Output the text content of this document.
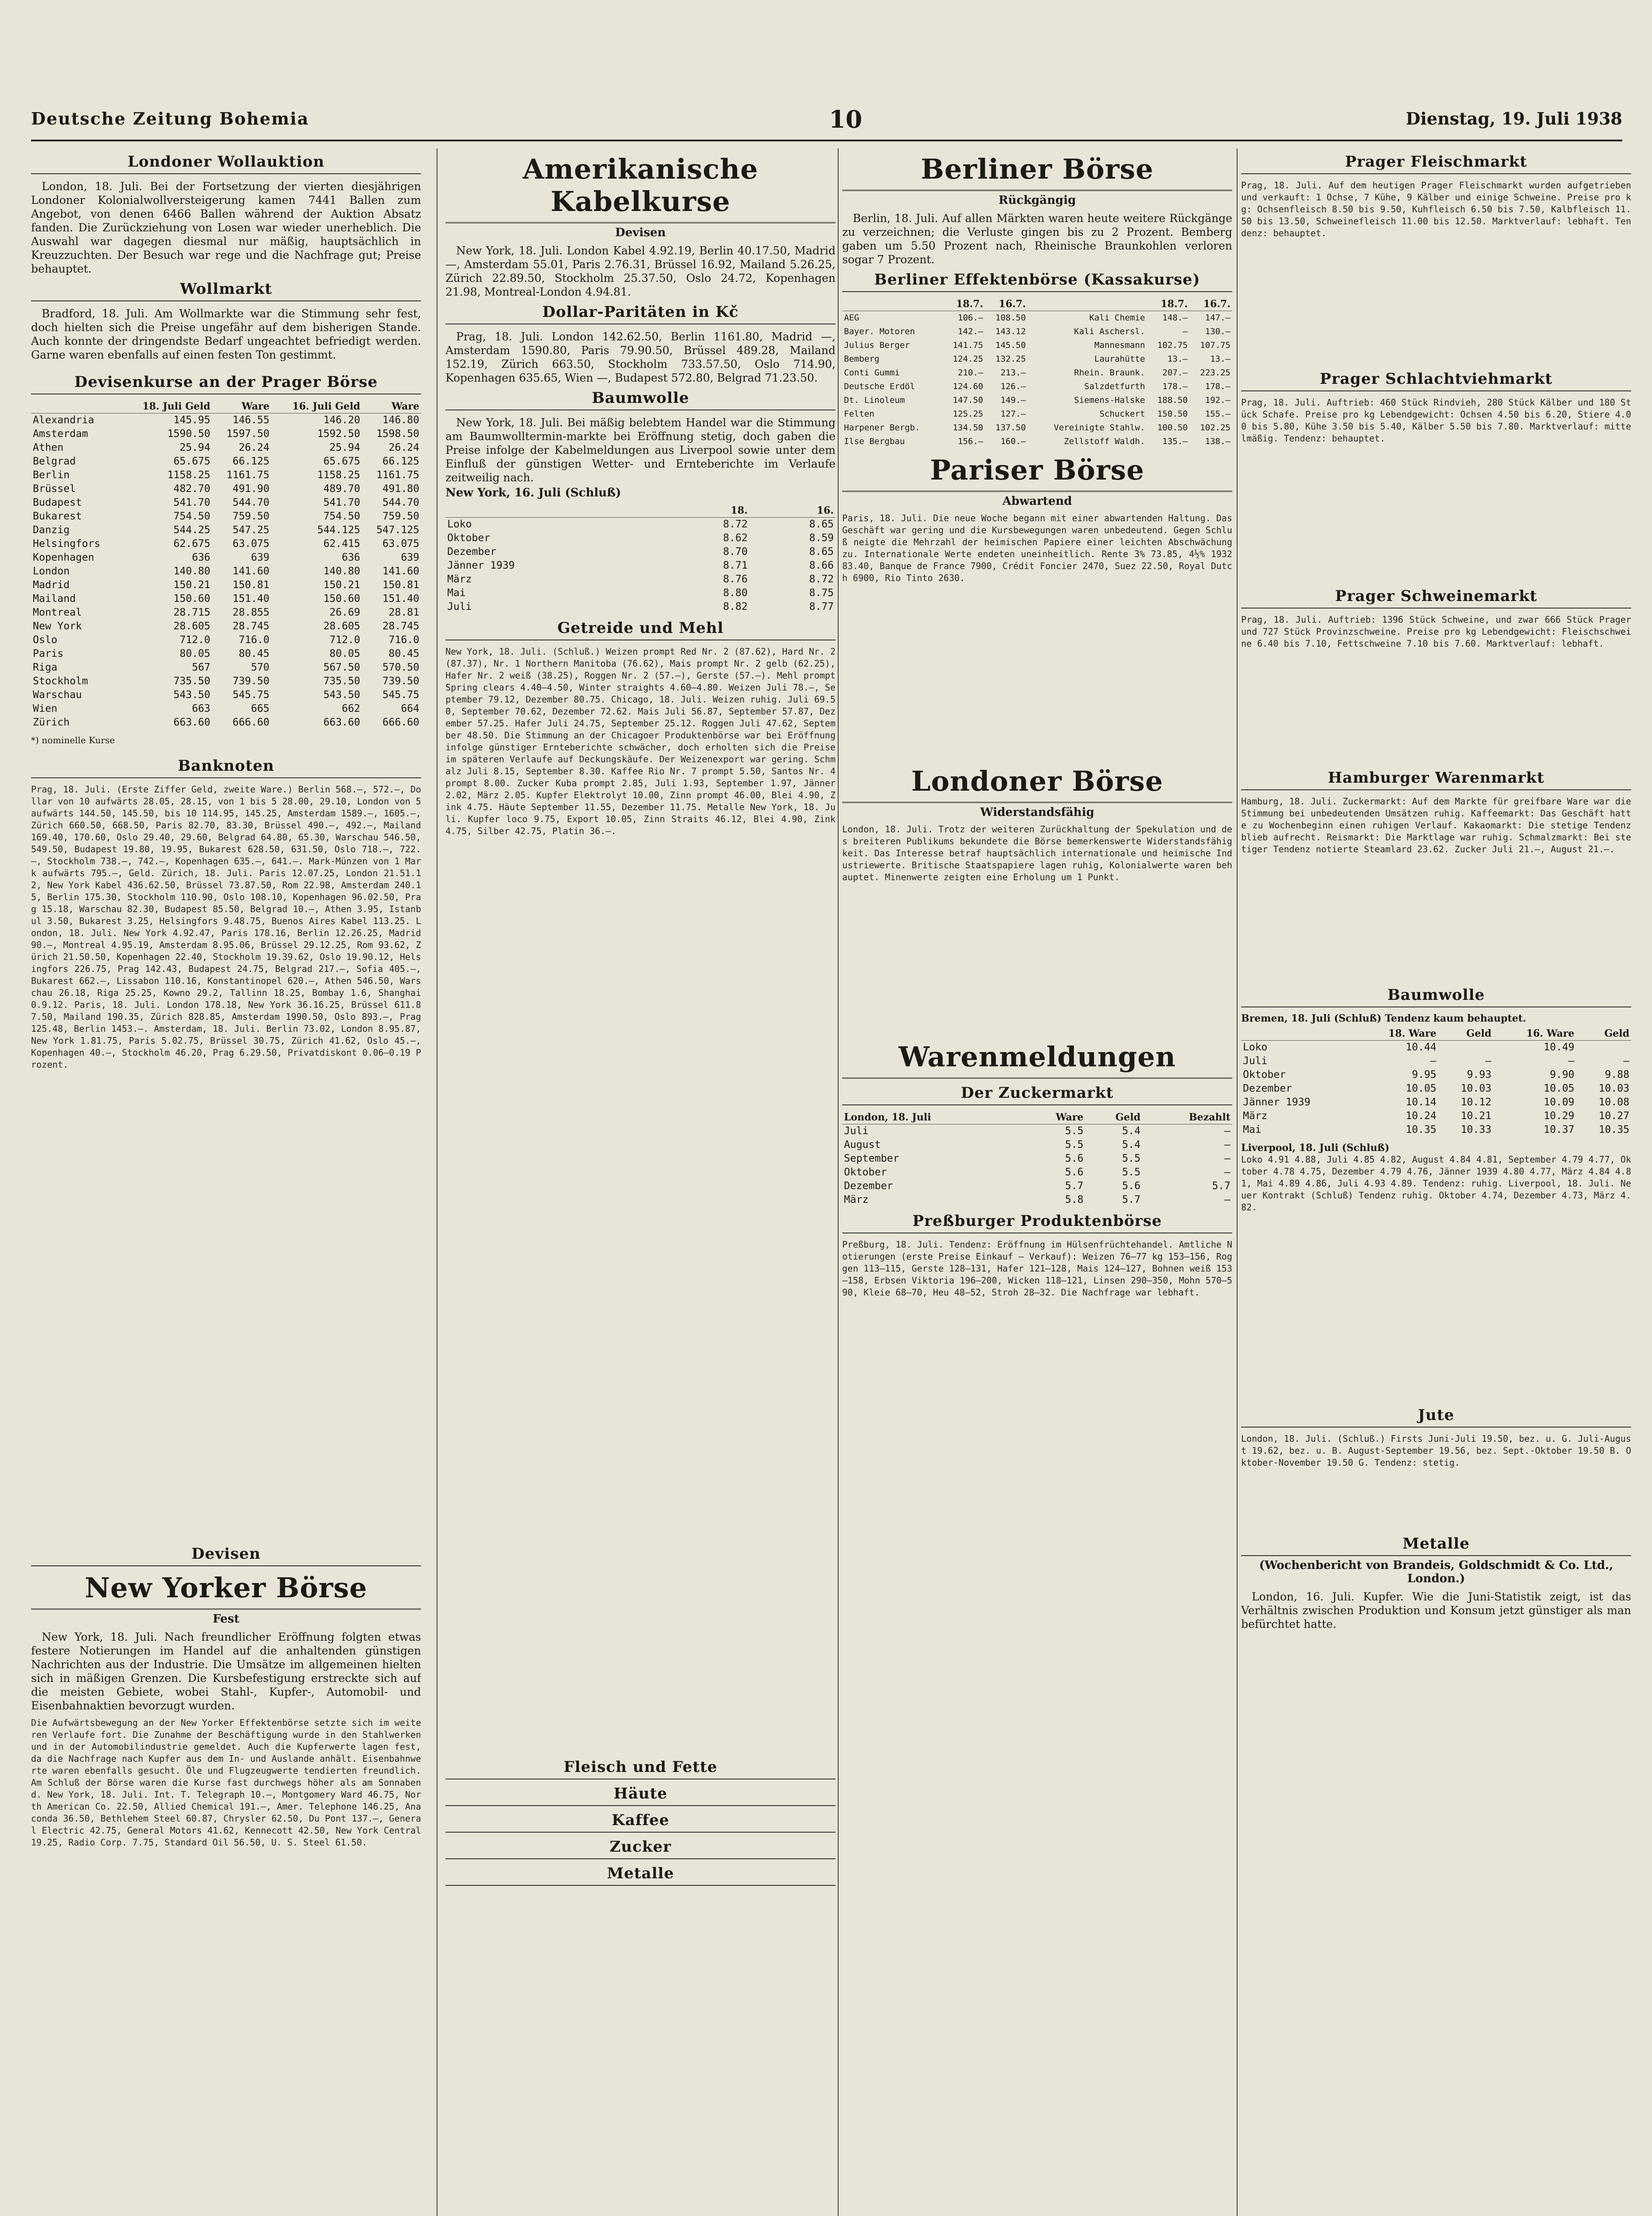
Deutsche Zeitung Bohemia	10	Dienstag, 19. Juli 1938
Londoner Wollauktion

London, 18. Juli. Bei der Fortsetzung der vierten diesjährigen Londoner Kolonialwollversteigerung kamen 7441 Ballen zum Angebot, von denen 6466 Ballen während der Auktion Absatz fanden. Die Zurückziehung von Losen war wieder unerheblich. Die Auswahl war dagegen diesmal nur mäßig, hauptsächlich in Kreuzzuchten. Der Besuch war rege und die Nachfrage gut; Preise behauptet.

Wollmarkt

Bradford, 18. Juli. Am Wollmarkte war die Stimmung sehr fest, doch hielten sich die Preise ungefähr auf dem bisherigen Stande. Auch konnte der dringendste Bedarf ungeachtet befriedigt werden. Garne waren ebenfalls auf einen festen Ton gestimmt.

Devisenkurse an der Prager Börse
	18. Juli Geld	Ware	16. Juli Geld	Ware
Alexandria	145.95	146.55	146.20	146.80
Amsterdam	1590.50	1597.50	1592.50	1598.50
Athen	25.94	26.24	25.94	26.24
Belgrad	65.675	66.125	65.675	66.125
Berlin	1158.25	1161.75	1158.25	1161.75
Brüssel	482.70	491.90	489.70	491.80
Budapest	541.70	544.70	541.70	544.70
Bukarest	754.50	759.50	754.50	759.50
Danzig	544.25	547.25	544.125	547.125
Helsingfors	62.675	63.075	62.415	63.075
Kopenhagen	636	639	636	639
London	140.80	141.60	140.80	141.60
Madrid	150.21	150.81	150.21	150.81
Mailand	150.60	151.40	150.60	151.40
Montreal	28.715	28.855	26.69	28.81
New York	28.605	28.745	28.605	28.745
Oslo	712.0	716.0	712.0	716.0
Paris	80.05	80.45	80.05	80.45
Riga	567	570	567.50	570.50
Stockholm	735.50	739.50	735.50	739.50
Warschau	543.50	545.75	543.50	545.75
Wien	663	665	662	664
Zürich	663.60	666.60	663.60	666.60
*) nominelle Kurse
Banknoten
Prag, 18. Juli. (Erste Ziffer Geld, zweite Ware.) Berlin 568.—, 572.—, Dollar von 10 aufwärts 28.05, 28.15, von 1 bis 5 28.00, 29.10, London von 5 aufwärts 144.50, 145.50, bis 10 114.95, 145.25, Amsterdam 1589.—, 1605.—, Zürich 660.50, 668.50, Paris 82.70, 83.30, Brüssel 490.—, 492.—, Mailand 169.40, 170.60, Oslo 29.40, 29.60, Belgrad 64.80, 65.30, Warschau 546.50, 549.50, Budapest 19.80, 19.95, Bukarest 628.50, 631.50, Oslo 718.—, 722.—, Stockholm 738.—, 742.—, Kopenhagen 635.—, 641.—. Mark-Münzen von 1 Mark aufwärts 795.—, Geld. Zürich, 18. Juli. Paris 12.07.25, London 21.51.12, New York Kabel 436.62.50, Brüssel 73.87.50, Rom 22.98, Amsterdam 240.15, Berlin 175.30, Stockholm 110.90, Oslo 108.10, Kopenhagen 96.02.50, Prag 15.18, Warschau 82.30, Budapest 85.50, Belgrad 10.—, Athen 3.95, Istanbul 3.50, Bukarest 3.25, Helsingfors 9.48.75, Buenos Aires Kabel 113.25. London, 18. Juli. New York 4.92.47, Paris 178.16, Berlin 12.26.25, Madrid 90.—, Montreal 4.95.19, Amsterdam 8.95.06, Brüssel 29.12.25, Rom 93.62, Zürich 21.50.50, Kopenhagen 22.40, Stockholm 19.39.62, Oslo 19.90.12, Helsingfors 226.75, Prag 142.43, Budapest 24.75, Belgrad 217.—, Sofia 405.—, Bukarest 662.—, Lissabon 110.16, Konstantinopel 620.—, Athen 546.50, Warschau 26.18, Riga 25.25, Kowno 29.2, Tallinn 18.25, Bombay 1.6, Shanghai 0.9.12. Paris, 18. Juli. London 178.18, New York 36.16.25, Brüssel 611.87.50, Mailand 190.35, Zürich 828.85, Amsterdam 1990.50, Oslo 893.—, Prag 125.48, Berlin 1453.—. Amsterdam, 18. Juli. Berlin 73.02, London 8.95.87, New York 1.81.75, Paris 5.02.75, Brüssel 30.75, Zürich 41.62, Oslo 45.—, Kopenhagen 40.—, Stockholm 46.20, Prag 6.29.50, Privatdiskont 0.06—0.19 Prozent.
Devisen
New Yorker Börse
Fest

New York, 18. Juli. Nach freundlicher Eröffnung folgten etwas festere Notierungen im Handel auf die anhaltenden günstigen Nachrichten aus der Industrie. Die Umsätze im allgemeinen hielten sich in mäßigen Grenzen. Die Kursbefestigung erstreckte sich auf die meisten Gebiete, wobei Stahl-, Kupfer-, Automobil- und Eisenbahnaktien bevorzugt wurden.

Die Aufwärtsbewegung an der New Yorker Effektenbörse setzte sich im weiteren Verlaufe fort. Die Zunahme der Beschäftigung wurde in den Stahlwerken und in der Automobilindustrie gemeldet. Auch die Kupferwerte lagen fest, da die Nachfrage nach Kupfer aus dem In- und Auslande anhält. Eisenbahnwerte waren ebenfalls gesucht. Öle und Flugzeugwerte tendierten freundlich. Am Schluß der Börse waren die Kurse fast durchwegs höher als am Sonnabend. New York, 18. Juli. Int. T. Telegraph 10.—, Montgomery Ward 46.75, North American Co. 22.50, Allied Chemical 191.—, Amer. Telephone 146.25, Anaconda 36.50, Bethlehem Steel 60.87, Chrysler 62.50, Du Pont 137.—, General Electric 42.75, General Motors 41.62, Kennecott 42.50, New York Central 19.25, Radio Corp. 7.75, Standard Oil 56.50, U. S. Steel 61.50.
Amerikanische Kabelkurse
Devisen

New York, 18. Juli. London Kabel 4.92.19, Berlin 40.17.50, Madrid —, Amsterdam 55.01, Paris 2.76.31, Brüssel 16.92, Mailand 5.26.25, Zürich 22.89.50, Stockholm 25.37.50, Oslo 24.72, Kopenhagen 21.98, Montreal-London 4.94.81.

Dollar-Paritäten in Kč

Prag, 18. Juli. London 142.62.50, Berlin 1161.80, Madrid —, Amsterdam 1590.80, Paris 79.90.50, Brüssel 489.28, Mailand 152.19, Zürich 663.50, Stockholm 733.57.50, Oslo 714.90, Kopenhagen 635.65, Wien —, Budapest 572.80, Belgrad 71.23.50.

Baumwolle

New York, 18. Juli. Bei mäßig belebtem Handel war die Stimmung am Baumwolltermin-markte bei Eröffnung stetig, doch gaben die Preise infolge der Kabelmeldungen aus Liverpool sowie unter dem Einfluß der günstigen Wetter- und Ernteberichte im Verlaufe zeitweilig nach.

New York, 16. Juli (Schluß)
	18.	16.
Loko	8.72	8.65
Oktober	8.62	8.59
Dezember	8.70	8.65
Jänner 1939	8.71	8.66
März	8.76	8.72
Mai	8.80	8.75
Juli	8.82	8.77
Getreide und Mehl
New York, 18. Juli. (Schluß.) Weizen prompt Red Nr. 2 (87.62), Hard Nr. 2 (87.37), Nr. 1 Northern Manitoba (76.62), Mais prompt Nr. 2 gelb (62.25), Hafer Nr. 2 weiß (38.25), Roggen Nr. 2 (57.—), Gerste (57.—). Mehl prompt Spring clears 4.40—4.50, Winter straights 4.60—4.80. Weizen Juli 78.—, September 79.12, Dezember 80.75. Chicago, 18. Juli. Weizen ruhig. Juli 69.50, September 70.62, Dezember 72.62. Mais Juli 56.87, September 57.87, Dezember 57.25. Hafer Juli 24.75, September 25.12. Roggen Juli 47.62, September 48.50. Die Stimmung an der Chicagoer Produktenbörse war bei Eröffnung infolge günstiger Ernteberichte schwächer, doch erholten sich die Preise im späteren Verlaufe auf Deckungskäufe. Der Weizenexport war gering. Schmalz Juli 8.15, September 8.30. Kaffee Rio Nr. 7 prompt 5.50, Santos Nr. 4 prompt 8.00. Zucker Kuba prompt 2.85, Juli 1.93, September 1.97, Jänner 2.02, März 2.05. Kupfer Elektrolyt 10.00, Zinn prompt 46.00, Blei 4.90, Zink 4.75. Häute September 11.55, Dezember 11.75. Metalle New York, 18. Juli. Kupfer loco 9.75, Export 10.05, Zinn Straits 46.12, Blei 4.90, Zink 4.75, Silber 42.75, Platin 36.—.
Fleisch und Fette
Häute
Kaffee
Zucker
Metalle
Berliner Börse
Rückgängig

Berlin, 18. Juli. Auf allen Märkten waren heute weitere Rückgänge zu verzeichnen; die Verluste gingen bis zu 2 Prozent. Bemberg gaben um 5.50 Prozent nach, Rheinische Braunkohlen verloren sogar 7 Prozent.

Berliner Effektenbörse (Kassakurse)
	18.7.	16.7.		18.7.	16.7.
AEG	106.—	108.50	Kali Chemie	148.—	147.—
Bayer. Motoren	142.—	143.12	Kali Aschersl.	—	130.—
Julius Berger	141.75	145.50	Mannesmann	102.75	107.75
Bemberg	124.25	132.25	Laurahütte	13.—	13.—
Conti Gummi	210.—	213.—	Rhein. Braunk.	207.—	223.25
Deutsche Erdöl	124.60	126.—	Salzdetfurth	178.—	178.—
Dt. Linoleum	147.50	149.—	Siemens-Halske	188.50	192.—
Felten	125.25	127.—	Schuckert	150.50	155.—
Harpener Bergb.	134.50	137.50	Vereinigte Stahlw.	100.50	102.25
Ilse Bergbau	156.—	160.—	Zellstoff Waldh.	135.—	138.—
Pariser Börse
Abwartend
Paris, 18. Juli. Die neue Woche begann mit einer abwartenden Haltung. Das Geschäft war gering und die Kursbewegungen waren unbedeutend. Gegen Schluß neigte die Mehrzahl der heimischen Papiere einer leichten Abschwächung zu. Internationale Werte endeten uneinheitlich. Rente 3% 73.85, 4½% 1932 83.40, Banque de France 7900, Crédit Foncier 2470, Suez 22.50, Royal Dutch 6900, Rio Tinto 2630.
Londoner Börse
Widerstandsfähig
London, 18. Juli. Trotz der weiteren Zurückhaltung der Spekulation und des breiteren Publikums bekundete die Börse bemerkenswerte Widerstandsfähigkeit. Das Interesse betraf hauptsächlich internationale und heimische Industriewerte. Britische Staatspapiere lagen ruhig, Kolonialwerte waren behauptet. Minenwerte zeigten eine Erholung um 1 Punkt.
Warenmeldungen
Der Zuckermarkt
London, 18. Juli	Ware	Geld	Bezahlt
Juli	5.5	5.4	—
August	5.5	5.4	—
September	5.6	5.5	—
Oktober	5.6	5.5	—
Dezember	5.7	5.6	5.7
März	5.8	5.7	—
Preßburger Produktenbörse
Preßburg, 18. Juli. Tendenz: Eröffnung im Hülsenfrüchtehandel. Amtliche Notierungen (erste Preise Einkauf — Verkauf): Weizen 76—77 kg 153—156, Roggen 113—115, Gerste 128—131, Hafer 121—128, Mais 124—127, Bohnen weiß 153—158, Erbsen Viktoria 196—200, Wicken 118—121, Linsen 290—350, Mohn 570—590, Kleie 68—70, Heu 48—52, Stroh 28—32. Die Nachfrage war lebhaft.
Prager Fleischmarkt
Prag, 18. Juli. Auf dem heutigen Prager Fleischmarkt wurden aufgetrieben und verkauft: 1 Ochse, 7 Kühe, 9 Kälber und einige Schweine. Preise pro kg: Ochsenfleisch 8.50 bis 9.50, Kuhfleisch 6.50 bis 7.50, Kalbfleisch 11.50 bis 13.50, Schweinefleisch 11.00 bis 12.50. Marktverlauf: lebhaft. Tendenz: behauptet.
Prager Schlachtviehmarkt
Prag, 18. Juli. Auftrieb: 460 Stück Rindvieh, 280 Stück Kälber und 180 Stück Schafe. Preise pro kg Lebendgewicht: Ochsen 4.50 bis 6.20, Stiere 4.00 bis 5.80, Kühe 3.50 bis 5.40, Kälber 5.50 bis 7.80. Marktverlauf: mittelmäßig. Tendenz: behauptet.
Prager Schweinemarkt
Prag, 18. Juli. Auftrieb: 1396 Stück Schweine, und zwar 666 Stück Prager und 727 Stück Provinzschweine. Preise pro kg Lebendgewicht: Fleischschweine 6.40 bis 7.10, Fettschweine 7.10 bis 7.60. Marktverlauf: lebhaft.
Hamburger Warenmarkt
Hamburg, 18. Juli. Zuckermarkt: Auf dem Markte für greifbare Ware war die Stimmung bei unbedeutenden Umsätzen ruhig. Kaffeemarkt: Das Geschäft hatte zu Wochenbeginn einen ruhigen Verlauf. Kakaomarkt: Die stetige Tendenz blieb aufrecht. Reismarkt: Die Marktlage war ruhig. Schmalzmarkt: Bei stetiger Tendenz notierte Steamlard 23.62. Zucker Juli 21.—, August 21.—.
Baumwolle
Bremen, 18. Juli (Schluß) Tendenz kaum behauptet.
	18. Ware	Geld	16. Ware	Geld
Loko	10.44		10.49	
Juli	—	—	—	—
Oktober	9.95	9.93	9.90	9.88
Dezember	10.05	10.03	10.05	10.03
Jänner 1939	10.14	10.12	10.09	10.08
März	10.24	10.21	10.29	10.27
Mai	10.35	10.33	10.37	10.35
Liverpool, 18. Juli (Schluß)
Loko 4.91 4.88, Juli 4.85 4.82, August 4.84 4.81, September 4.79 4.77, Oktober 4.78 4.75, Dezember 4.79 4.76, Jänner 1939 4.80 4.77, März 4.84 4.81, Mai 4.89 4.86, Juli 4.93 4.89. Tendenz: ruhig. Liverpool, 18. Juli. Neuer Kontrakt (Schluß) Tendenz ruhig. Oktober 4.74, Dezember 4.73, März 4.82.
Jute
London, 18. Juli. (Schluß.) Firsts Juni-Juli 19.50, bez. u. G. Juli-August 19.62, bez. u. B. August-September 19.56, bez. Sept.-Oktober 19.50 B. Oktober-November 19.50 G. Tendenz: stetig.
Metalle
(Wochenbericht von Brandeis, Goldschmidt & Co. Ltd., London.)

London, 16. Juli. Kupfer. Wie die Juni-Statistik zeigt, ist das Verhältnis zwischen Produktion und Konsum jetzt günstiger als man befürchtet hatte.
